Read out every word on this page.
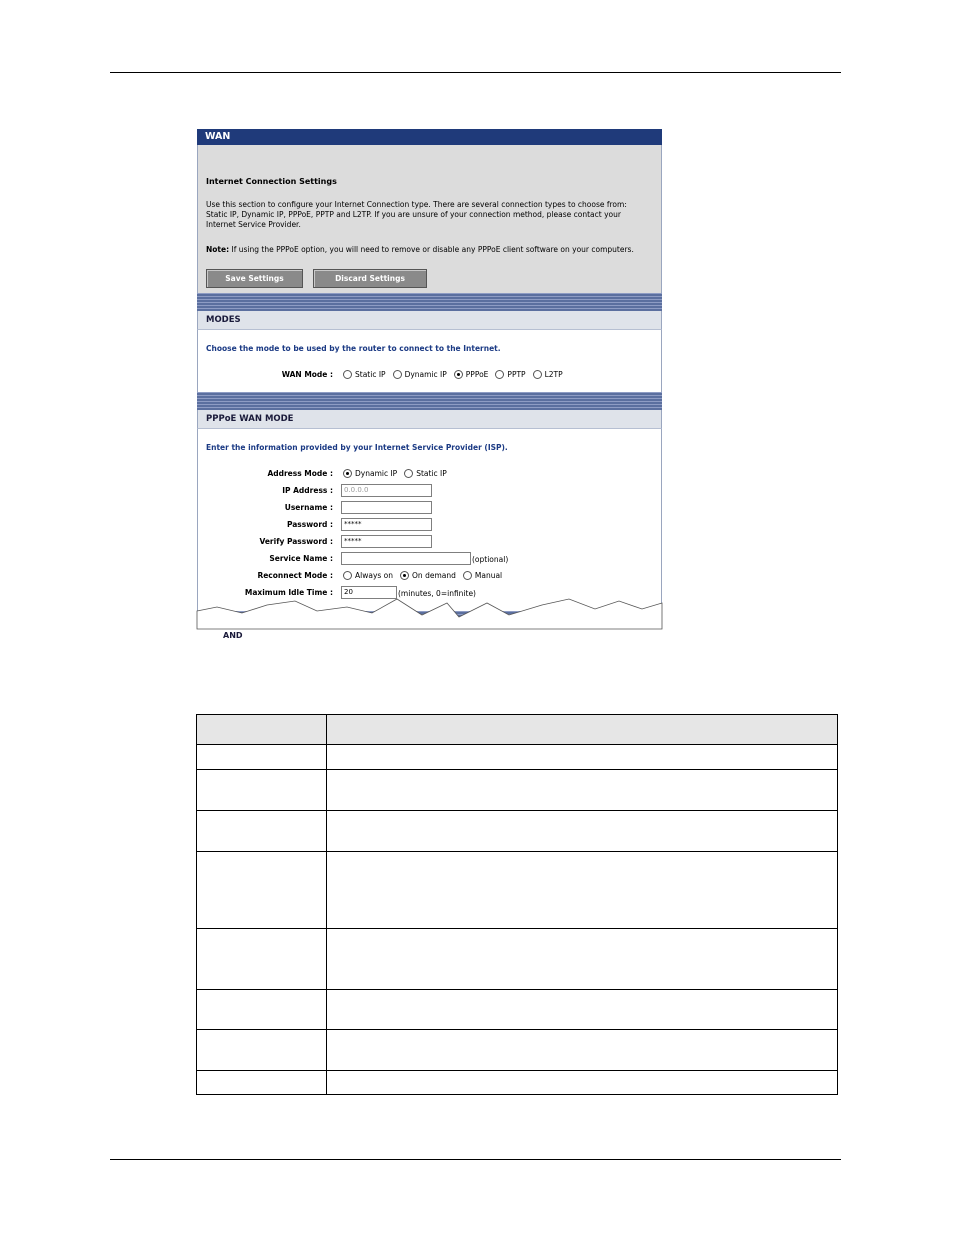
WAN
Internet Connection Settings
Use this section to configure your Internet Connection type. There are several connection types to choose from: Static IP, Dynamic IP, PPPoE, PPTP and L2TP. If you are unsure of your connection method, please contact your Internet Service Provider.
Note: If using the PPPoE option, you will need to remove or disable any PPPoE client software on your computers.
Save Settings	Discard Settings
MODES
Choose the mode to be used by the router to connect to the Internet.
WAN Mode :	Static IP	Dynamic IP	PPPoE	PPTP	L2TP
PPPoE WAN MODE
Enter the information provided by your Internet Service Provider (ISP).
Address Mode :	Dynamic IP	Static IP
IP Address :	0.0.0.0
Username :
Password :	*****
Verify Password :	*****
Service Name :	(optional)
Reconnect Mode :	Always on	On demand	Manual
Maximum Idle Time :	20	(minutes, 0=infinite)
AND
